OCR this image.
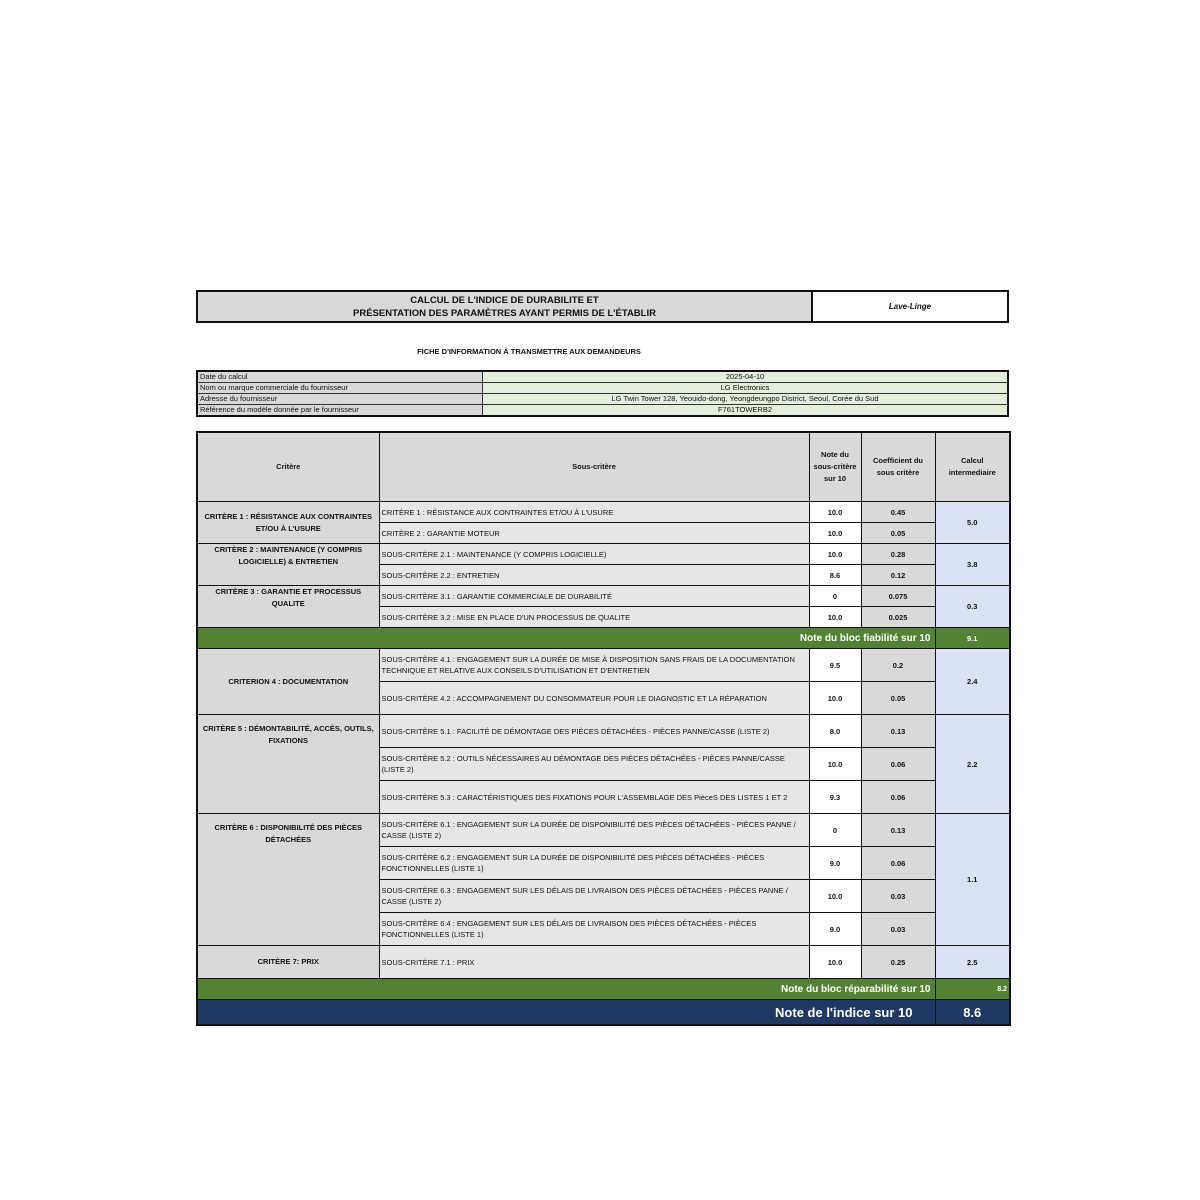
CALCUL DE L'INDICE DE DURABILITE ET
PRÉSENTATION DES PARAMÈTRES AYANT PERMIS DE L'ÉTABLIR
Lave-Linge
FICHE D'INFORMATION À TRANSMETTRE AUX DEMANDEURS
Date du calcul	2025-04-10
Nom ou marque commerciale du fournisseur	LG Electronics
Adresse du fournisseur	LG Twin Tower 128, Yeouido-dong, Yeongdeungpo District, Seoul, Corée du Sud
Référence du modèle donnée par le fournisseur	F761TOWERB2
Critère	Sous-critère	Note du sous-critère sur 10	Coefficient du sous critère	Calcul intermediaire
CRITÈRE 1 : RÉSISTANCE AUX CONTRAINTES ET/OU À L'USURE	CRITÈRE 1 : RÉSISTANCE AUX CONTRAINTES ET/OU À L'USURE	10.0	0.45	5.0
	CRITÈRE 2 : GARANTIE MOTEUR	10.0	0.05	
CRITÈRE 2 : MAINTENANCE (Y COMPRIS LOGICIELLE) & ENTRETIEN	SOUS-CRITÈRE 2.1 : MAINTENANCE (Y COMPRIS LOGICIELLE)	10.0	0.28	3.8
	SOUS-CRITÈRE 2.2 : ENTRETIEN	8.6	0.12	
CRITÈRE 3 : GARANTIE ET PROCESSUS QUALITE	SOUS-CRITÈRE 3.1 : GARANTIE COMMERCIALE DE DURABILITÉ	0	0.075	0.3
	SOUS-CRITÈRE 3.2 : MISE EN PLACE D'UN PROCESSUS DE QUALITE	10.0	0.025	
Note du bloc fiabilité sur 10				9.1
CRITERION 4 : DOCUMENTATION	SOUS-CRITÈRE 4.1 : ENGAGEMENT SUR LA DURÉE DE MISE À DISPOSITION SANS FRAIS DE LA DOCUMENTATION TECHNIQUE ET RELATIVE AUX CONSEILS D'UTILISATION ET D'ENTRETIEN	9.5	0.2	2.4
	SOUS-CRITÈRE 4.2 : ACCOMPAGNEMENT DU CONSOMMATEUR POUR LE DIAGNOSTIC ET LA RÉPARATION	10.0	0.05	
CRITÈRE 5 : DÉMONTABILITÉ, ACCÈS, OUTILS, FIXATIONS	SOUS-CRITÈRE 5.1 : FACILITÉ DE DÉMONTAGE DES PIÈCES DÉTACHÉES - PIÈCES PANNE/CASSE (LISTE 2)	8.0	0.13	2.2
	SOUS-CRITÈRE 5.2 : OUTILS NÉCESSAIRES AU DÉMONTAGE DES PIÈCES DÉTACHÉES - PIÈCES PANNE/CASSE (LISTE 2)	10.0	0.06	
	SOUS-CRITÈRE 5.3 : CARACTÉRISTIQUES DES FIXATIONS POUR L'ASSEMBLAGE DES PièceS DES LISTES 1 ET 2	9.3	0.06	
CRITÈRE 6 : DISPONIBILITÉ DES PIÈCES DÉTACHÉES	SOUS-CRITÈRE 6.1 : ENGAGEMENT SUR LA DURÉE DE DISPONIBILITÉ DES PIÈCES DÉTACHÉES - PIÈCES PANNE / CASSE (LISTE 2)	0	0.13	1.1
	SOUS-CRITÈRE 6.2 : ENGAGEMENT SUR LA DURÉE DE DISPONIBILITÉ DES PIÈCES DÉTACHÉES - PIÈCES FONCTIONNELLES (LISTE 1)	9.0	0.06	
	SOUS-CRITÈRE 6.3 : ENGAGEMENT SUR LES DÉLAIS DE LIVRAISON DES PIÈCES DÉTACHÉES - PIÈCES PANNE / CASSE (LISTE 2)	10.0	0.03	
	SOUS-CRITÈRE 6.4 : ENGAGEMENT SUR LES DÉLAIS DE LIVRAISON DES PIÈCES DÉTACHÉES - PIÈCES FONCTIONNELLES (LISTE 1)	9.0	0.03	
CRITÈRE 7: PRIX	SOUS-CRITÈRE 7.1 : PRIX	10.0	0.25	2.5
Note du bloc réparabilité sur 10				8.2
Note de l'indice sur 10				8.6
